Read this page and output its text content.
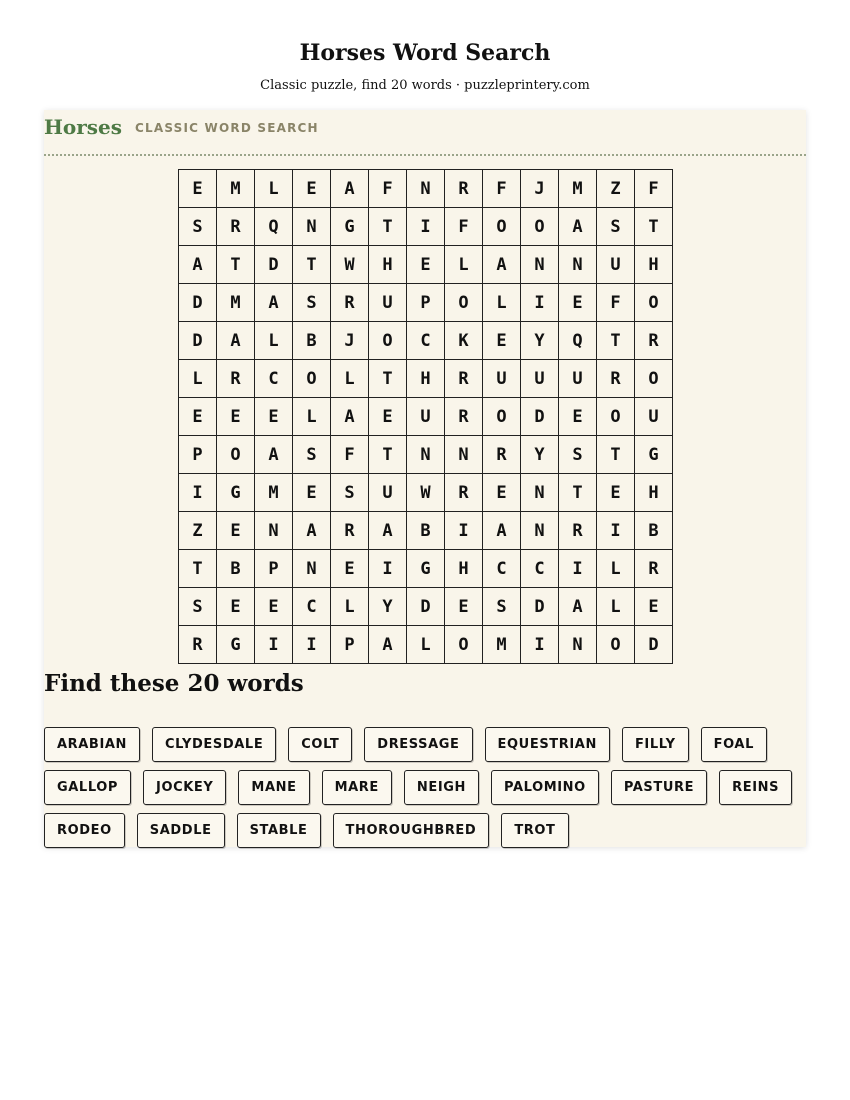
Horses Word Search
Classic puzzle, find 20 words · puzzleprintery.com
Horses CLASSIC WORD SEARCH
E	M	L	E	A	F	N	R	F	J	M	Z	F
S	R	Q	N	G	T	I	F	O	O	A	S	T
A	T	D	T	W	H	E	L	A	N	N	U	H
D	M	A	S	R	U	P	O	L	I	E	F	O
D	A	L	B	J	O	C	K	E	Y	Q	T	R
L	R	C	O	L	T	H	R	U	U	U	R	O
E	E	E	L	A	E	U	R	O	D	E	O	U
P	O	A	S	F	T	N	N	R	Y	S	T	G
I	G	M	E	S	U	W	R	E	N	T	E	H
Z	E	N	A	R	A	B	I	A	N	R	I	B
T	B	P	N	E	I	G	H	C	C	I	L	R
S	E	E	C	L	Y	D	E	S	D	A	L	E
R	G	I	I	P	A	L	O	M	I	N	O	D
Find these 20 words
ARABIAN	CLYDESDALE	COLT	DRESSAGE	EQUESTRIAN	FILLY	FOAL
GALLOP	JOCKEY	MANE	MARE	NEIGH	PALOMINO	PASTURE	REINS
RODEO	SADDLE	STABLE	THOROUGHBRED	TROT
